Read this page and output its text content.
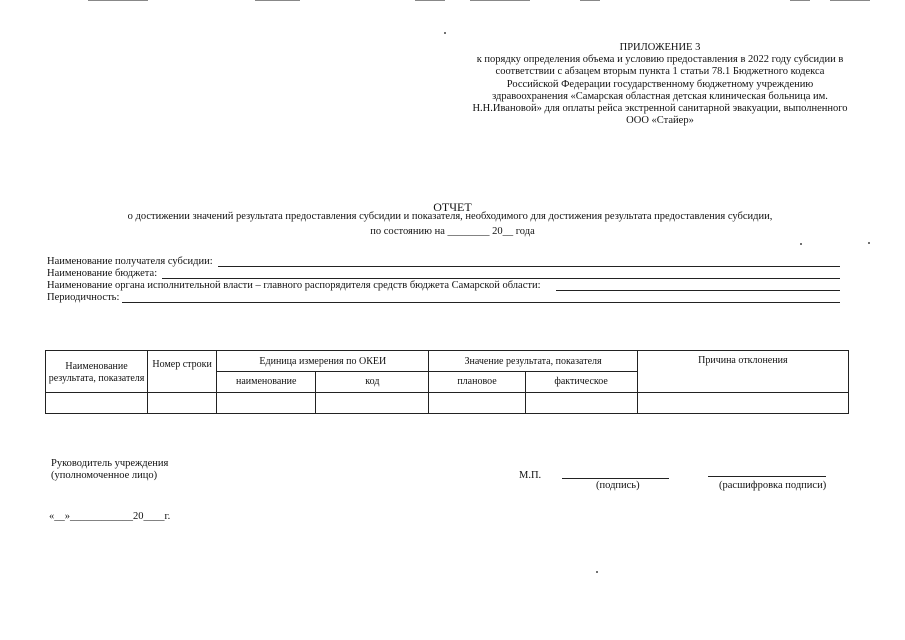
ПРИЛОЖЕНИЕ 3
к порядку определения объема и условию предоставления в 2022 году субсидии в соответствии с абзацем вторым пункта 1 статьи 78.1 Бюджетного кодекса Российской Федерации государственному бюджетному учреждению здравоохранения «Самарская областная детская клиническая больница им. Н.Н.Ивановой» для оплаты рейса экстренной санитарной эвакуации, выполненного ООО «Стайер»
ОТЧЕТ
о достижении значений результата предоставления субсидии и показателя, необходимого для достижения результата предоставления субсидии,
по состоянию на ________ 20__ года
Наименование получателя субсидии:
Наименование бюджета:
Наименование органа исполнительной власти – главного распорядителя средств бюджета Самарской области:
Периодичность:
Наименование результата, показателя	Номер строки	Единица измерения по ОКЕИ		Значение результата, показателя		Причина отклонения
		наименование	код	плановое	фактическое	

Руководитель учреждения
(уполномоченное лицо)	М.П.
(подпись)	(расшифровка подписи)
«__»____________20____г.
